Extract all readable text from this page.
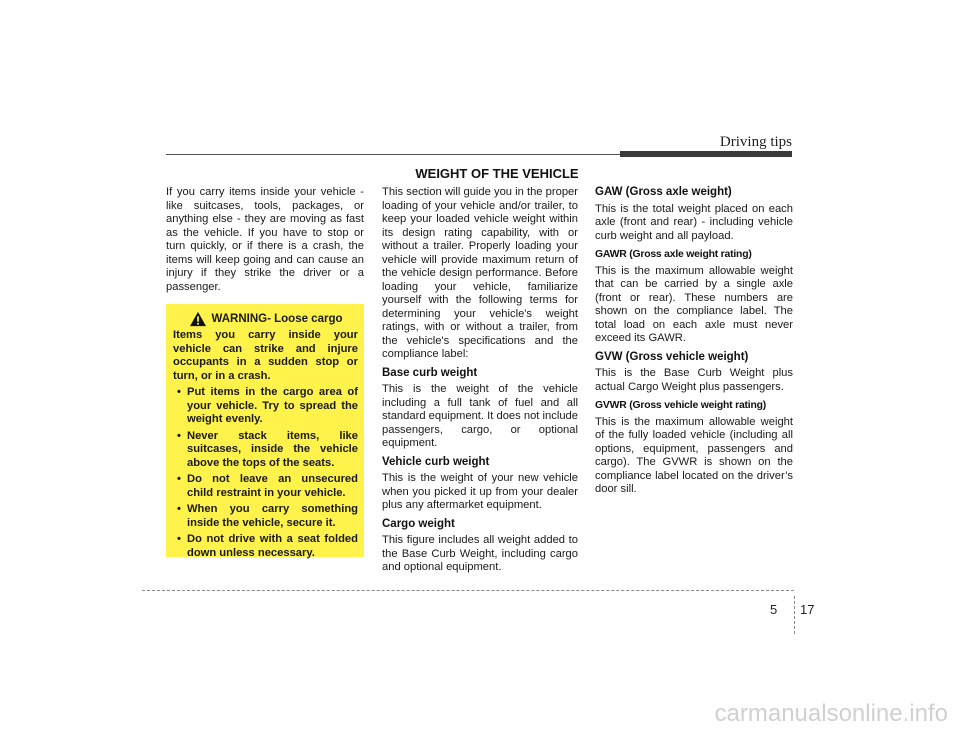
Driving tips
WEIGHT OF THE VEHICLE

If you carry items inside your vehicle - like suitcases, tools, packages, or anything else - they are moving as fast as the vehicle. If you have to stop or turn quickly, or if there is a crash, the items will keep going and can cause an injury if they strike the driver or a passenger.

WARNING - Loose cargo

Items you carry inside your vehicle can strike and injure occupants in a sudden stop or turn, or in a crash.

• Put items in the cargo area of your vehicle. Try to spread the weight evenly.
• Never stack items, like suitcases, inside the vehicle above the tops of the seats.
• Do not leave an unsecured child restraint in your vehicle.
• When you carry something inside the vehicle, secure it.
• Do not drive with a seat folded down unless necessary.

This section will guide you in the proper loading of your vehicle and/or trailer, to keep your loaded vehicle weight within its design rating capability, with or without a trailer. Properly loading your vehicle will provide maximum return of the vehicle design performance. Before loading your vehicle, familiarize yourself with the following terms for determining your vehicle's weight ratings, with or without a trailer, from the vehicle's specifications and the compliance label:

Base curb weight

This is the weight of the vehicle including a full tank of fuel and all standard equipment. It does not include passengers, cargo, or optional equipment.

Vehicle curb weight

This is the weight of your new vehicle when you picked it up from your dealer plus any aftermarket equipment.

Cargo weight

This figure includes all weight added to the Base Curb Weight, including cargo and optional equipment.

GAW (Gross axle weight)

This is the total weight placed on each axle (front and rear) - including vehicle curb weight and all payload.

GAWR (Gross axle weight rating)

This is the maximum allowable weight that can be carried by a single axle (front or rear). These numbers are shown on the compliance label. The total load on each axle must never exceed its GAWR.

GVW (Gross vehicle weight)

This is the Base Curb Weight plus actual Cargo Weight plus passengers.

GVWR (Gross vehicle weight rating)

This is the maximum allowable weight of the fully loaded vehicle (including all options, equipment, passengers and cargo). The GVWR is shown on the compliance label located on the driver’s door sill.

5 17
carmanualsonline.info
